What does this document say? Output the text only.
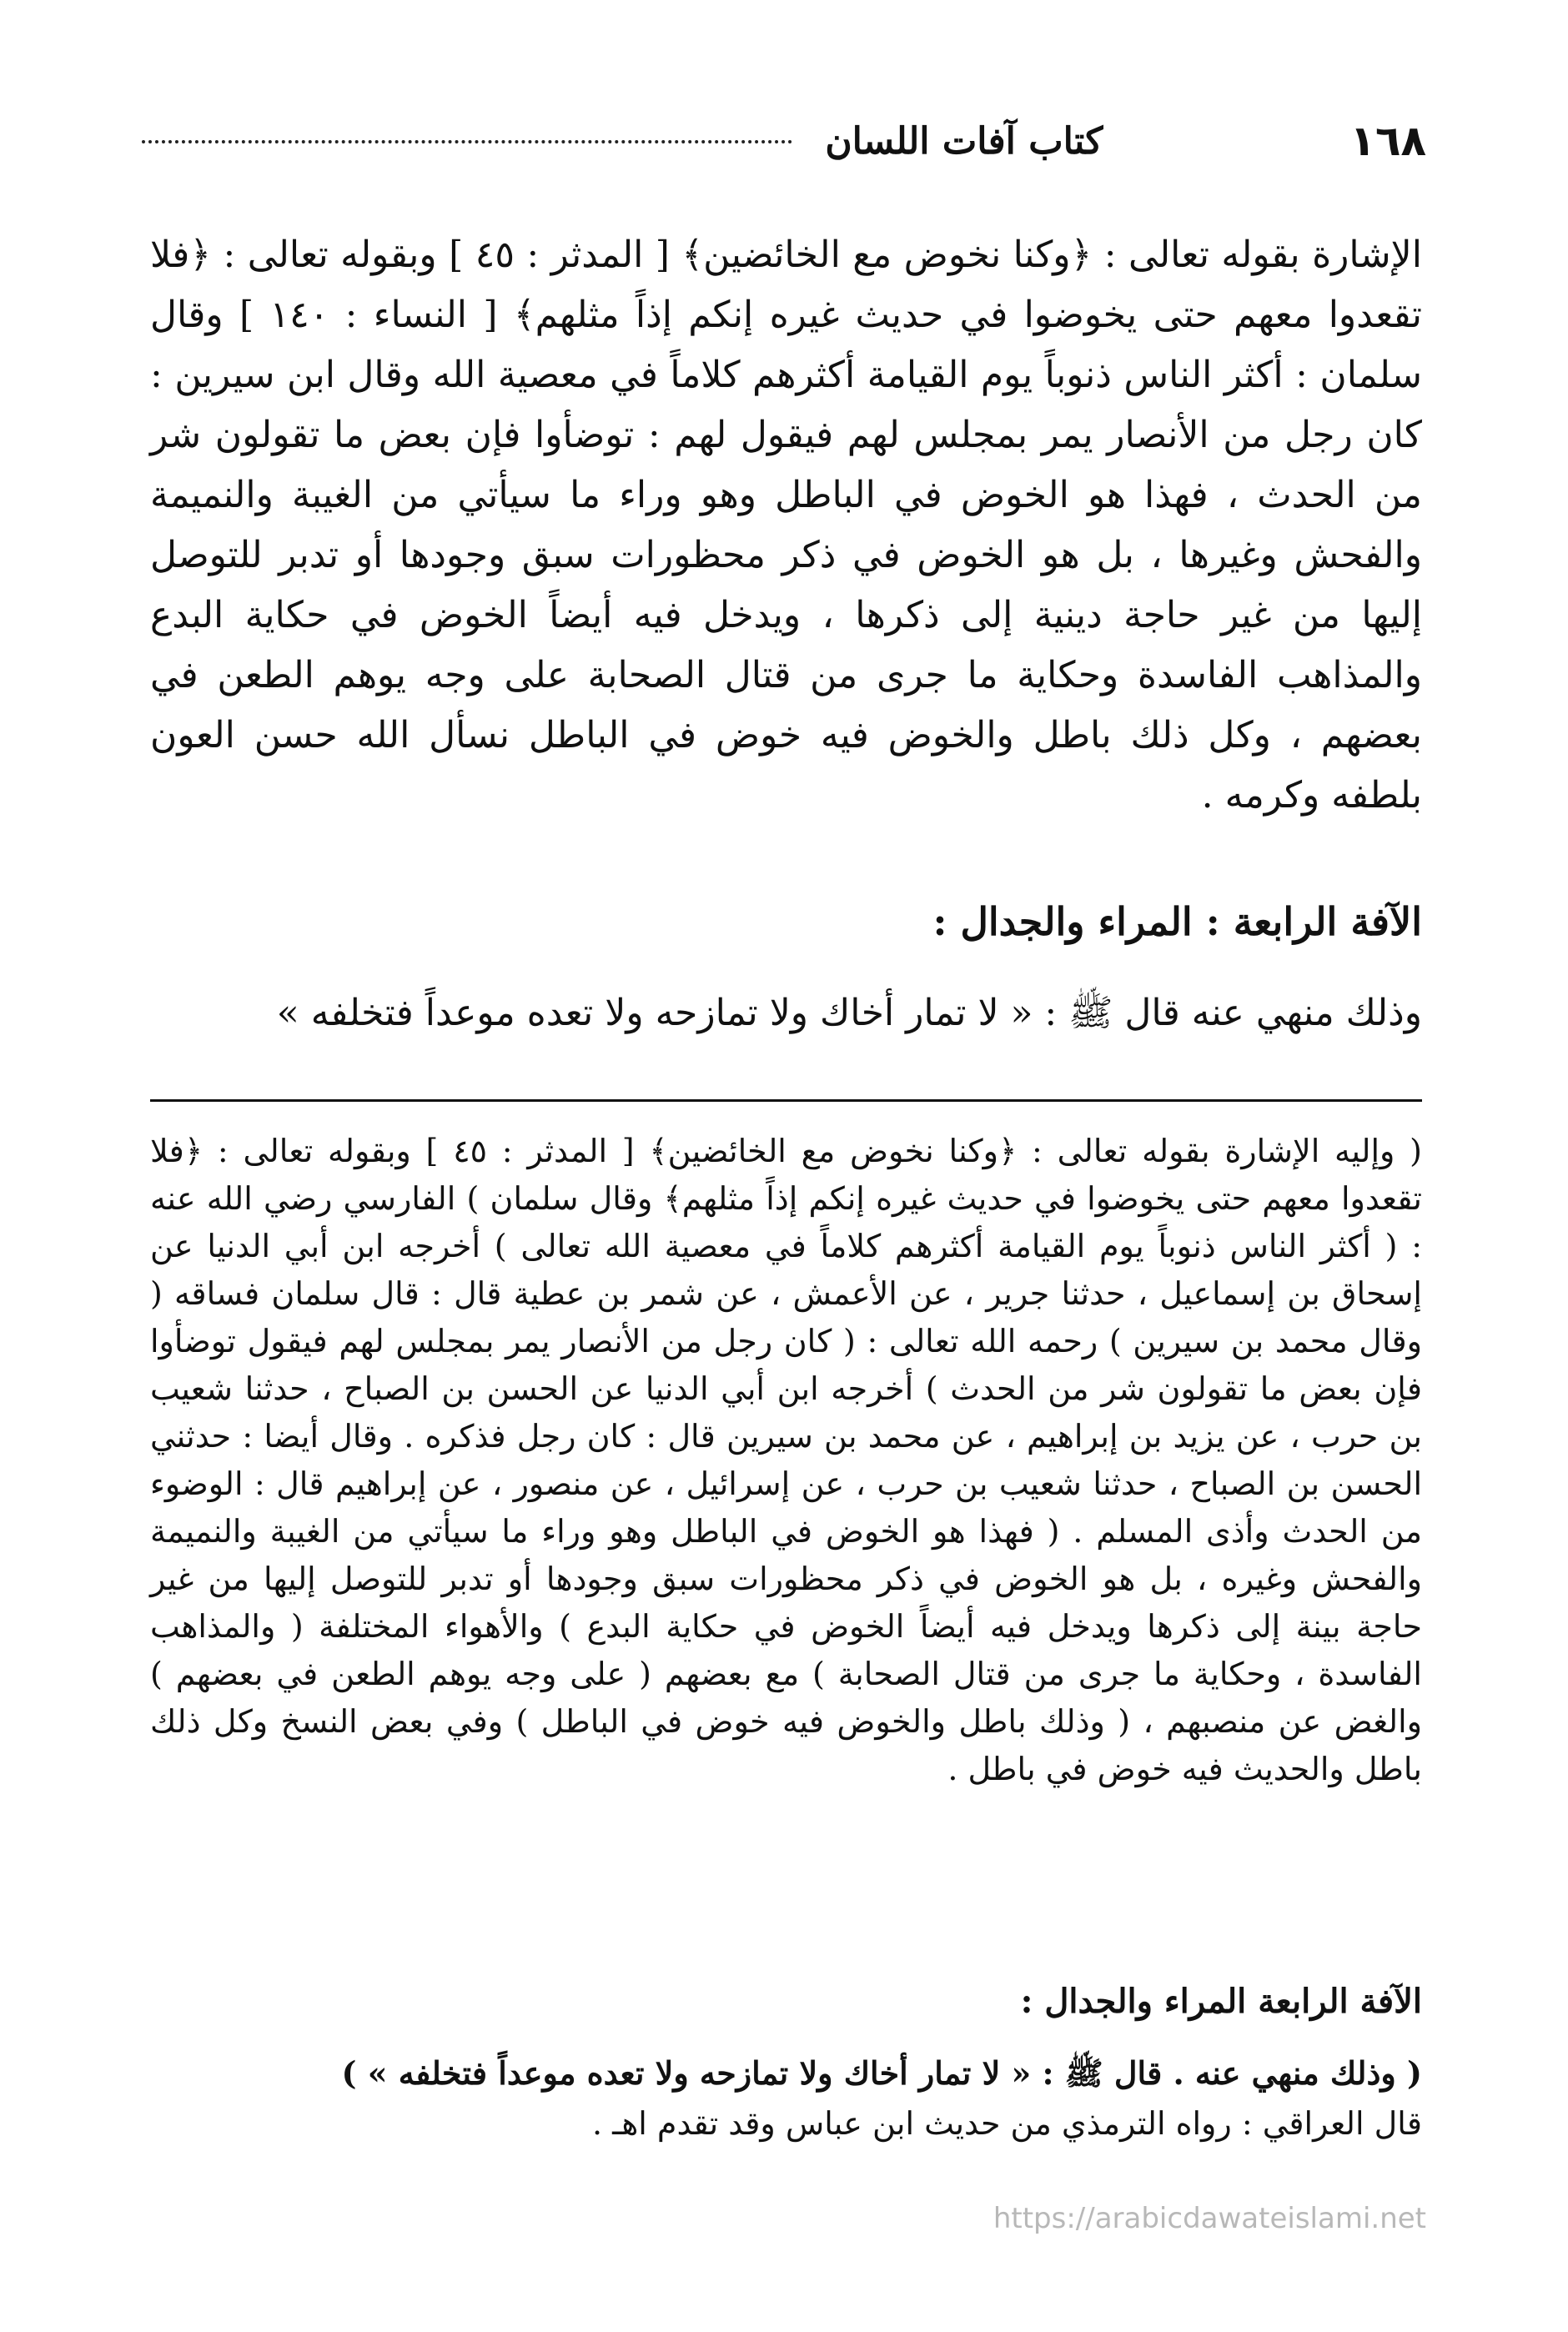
١٦٨
كتاب آفات اللسان

الإشارة بقوله تعالى : ﴿وكنا نخوض مع الخائضين﴾ [ المدثر : ٤٥ ] وبقوله تعالى : ﴿فلا تقعدوا معهم حتى يخوضوا في حديث غيره إنكم إذاً مثلهم﴾ [ النساء : ١٤٠ ] وقال سلمان : أكثر الناس ذنوباً يوم القيامة أكثرهم كلاماً في معصية الله وقال ابن سيرين : كان رجل من الأنصار يمر بمجلس لهم فيقول لهم : توضأوا فإن بعض ما تقولون شر من الحدث ، فهذا هو الخوض في الباطل وهو وراء ما سيأتي من الغيبة والنميمة والفحش وغيرها ، بل هو الخوض في ذكر محظورات سبق وجودها أو تدبر للتوصل إليها من غير حاجة دينية إلى ذكرها ، ويدخل فيه أيضاً الخوض في حكاية البدع والمذاهب الفاسدة وحكاية ما جرى من قتال الصحابة على وجه يوهم الطعن في بعضهم ، وكل ذلك باطل والخوض فيه خوض في الباطل نسأل الله حسن العون بلطفه وكرمه .

الآفة الرابعة : المراء والجدال :
وذلك منهي عنه قال ﷺ : « لا تمار أخاك ولا تمازحه ولا تعده موعداً فتخلفه »

( وإليه الإشارة بقوله تعالى : ﴿وكنا نخوض مع الخائضين﴾ [ المدثر : ٤٥ ] وبقوله تعالى : ﴿فلا تقعدوا معهم حتى يخوضوا في حديث غيره إنكم إذاً مثلهم﴾ وقال سلمان ) الفارسي رضي الله عنه : ( أكثر الناس ذنوباً يوم القيامة أكثرهم كلاماً في معصية الله تعالى ) أخرجه ابن أبي الدنيا عن إسحاق بن إسماعيل ، حدثنا جرير ، عن الأعمش ، عن شمر بن عطية قال : قال سلمان فساقه ( وقال محمد بن سيرين ) رحمه الله تعالى : ( كان رجل من الأنصار يمر بمجلس لهم فيقول توضأوا فإن بعض ما تقولون شر من الحدث ) أخرجه ابن أبي الدنيا عن الحسن بن الصباح ، حدثنا شعيب بن حرب ، عن يزيد بن إبراهيم ، عن محمد بن سيرين قال : كان رجل فذكره . وقال أيضا : حدثني الحسن بن الصباح ، حدثنا شعيب بن حرب ، عن إسرائيل ، عن منصور ، عن إبراهيم قال : الوضوء من الحدث وأذى المسلم . ( فهذا هو الخوض في الباطل وهو وراء ما سيأتي من الغيبة والنميمة والفحش وغيره ، بل هو الخوض في ذكر محظورات سبق وجودها أو تدبر للتوصل إليها من غير حاجة بينة إلى ذكرها ويدخل فيه أيضاً الخوض في حكاية البدع ) والأهواء المختلفة ( والمذاهب الفاسدة ، وحكاية ما جرى من قتال الصحابة ) مع بعضهم ( على وجه يوهم الطعن في بعضهم ) والغض عن منصبهم ، ( وذلك باطل والخوض فيه خوض في الباطل ) وفي بعض النسخ وكل ذلك باطل والحديث فيه خوض في باطل .

الآفة الرابعة المراء والجدال :
( وذلك منهي عنه . قال ﷺ : « لا تمار أخاك ولا تمازحه ولا تعده موعداً فتخلفه » )
قال العراقي : رواه الترمذي من حديث ابن عباس وقد تقدم اهـ .
https://arabicdawateislami.net
